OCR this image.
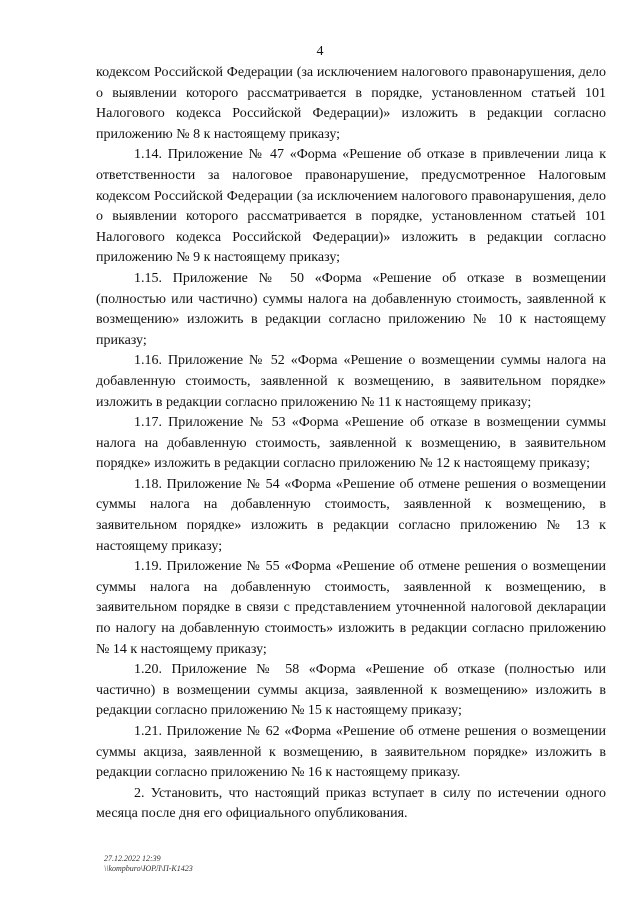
4

кодексом Российской Федерации (за исключением налогового правонарушения, дело о выявлении которого рассматривается в порядке, установленном статьей 101 Налогового кодекса Российской Федерации)» изложить в редакции согласно приложению № 8 к настоящему приказу;

1.14. Приложение № 47 «Форма «Решение об отказе в привлечении лица к ответственности за налоговое правонарушение, предусмотренное Налоговым кодексом Российской Федерации (за исключением налогового правонарушения, дело о выявлении которого рассматривается в порядке, установленном статьей 101 Налогового кодекса Российской Федерации)» изложить в редакции согласно приложению № 9 к настоящему приказу;

1.15. Приложение № 50 «Форма «Решение об отказе в возмещении (полностью или частично) суммы налога на добавленную стоимость, заявленной к возмещению» изложить в редакции согласно приложению № 10 к настоящему приказу;

1.16. Приложение № 52 «Форма «Решение о возмещении суммы налога на добавленную стоимость, заявленной к возмещению, в заявительном порядке» изложить в редакции согласно приложению № 11 к настоящему приказу;

1.17. Приложение № 53 «Форма «Решение об отказе в возмещении суммы налога на добавленную стоимость, заявленной к возмещению, в заявительном порядке» изложить в редакции согласно приложению № 12 к настоящему приказу;

1.18. Приложение № 54 «Форма «Решение об отмене решения о возмещении суммы налога на добавленную стоимость, заявленной к возмещению, в заявительном порядке» изложить в редакции согласно приложению № 13 к настоящему приказу;

1.19. Приложение № 55 «Форма «Решение об отмене решения о возмещении суммы налога на добавленную стоимость, заявленной к возмещению, в заявительном порядке в связи с представлением уточненной налоговой декларации по налогу на добавленную стоимость» изложить в редакции согласно приложению № 14 к настоящему приказу;

1.20. Приложение № 58 «Форма «Решение об отказе (полностью или частично) в возмещении суммы акциза, заявленной к возмещению» изложить в редакции согласно приложению № 15 к настоящему приказу;

1.21. Приложение № 62 «Форма «Решение об отмене решения о возмещении суммы акциза, заявленной к возмещению, в заявительном порядке» изложить в редакции согласно приложению № 16 к настоящему приказу.

2. Установить, что настоящий приказ вступает в силу по истечении одного месяца после дня его официального опубликования.

27.12.2022 12:39
\\kompburo\ЮРЛ\П-К1423
